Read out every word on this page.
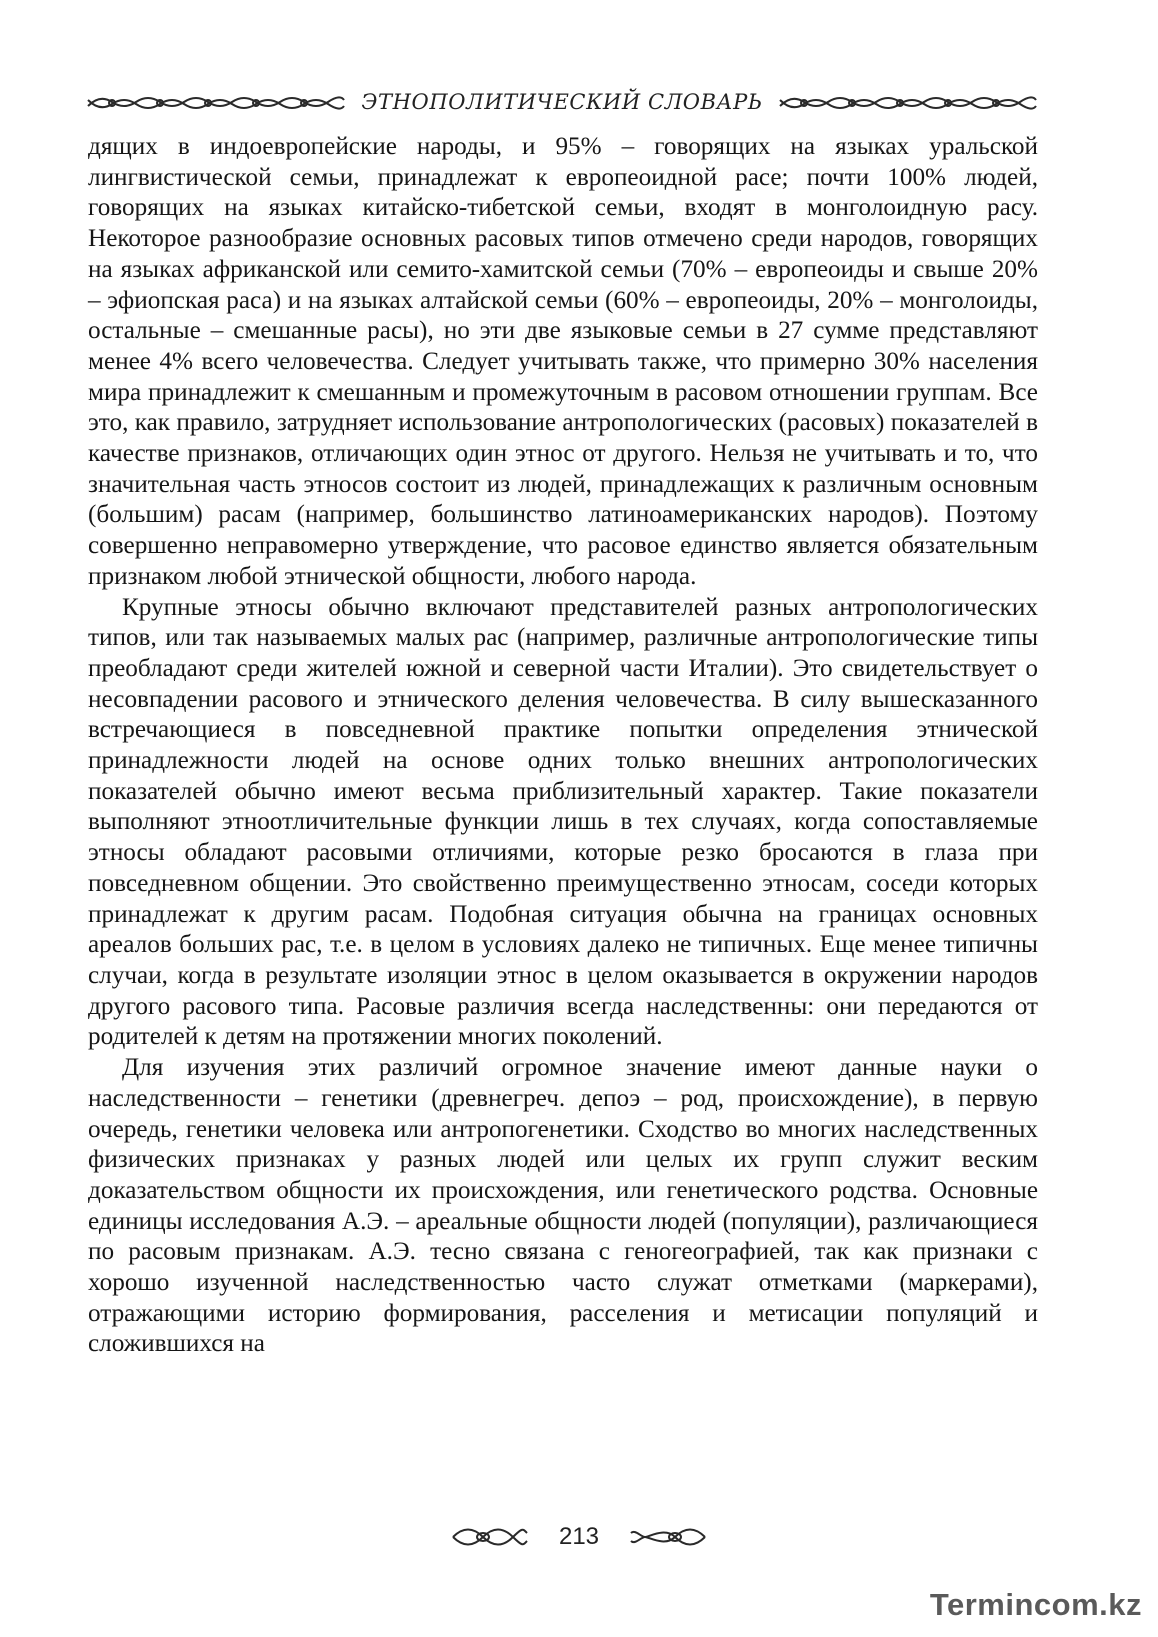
ЭТНОПОЛИТИЧЕСКИЙ СЛОВАРЬ

дящих в индоевропейские народы, и 95% – говорящих на языках уральской лингвистической семьи, принадлежат к европеоидной расе; почти 100% людей, говорящих на языках китайско-тибетской семьи, входят в монголоидную расу. Некоторое разнообразие основных расовых типов отмечено среди народов, говорящих на языках африканской или семито-хамитской семьи (70% – европеоиды и свыше 20% – эфиопская раса) и на языках алтайской семьи (60% – европеоиды, 20% – монголоиды, остальные – смешанные расы), но эти две языковые семьи в 27 сумме представляют менее 4% всего человечества. Следует учитывать также, что примерно 30% населения мира принадлежит к смешанным и промежуточным в расовом отношении группам. Все это, как правило, затрудняет использование антропологических (расовых) показателей в качестве признаков, отличающих один этнос от другого. Нельзя не учитывать и то, что значительная часть этносов состоит из людей, принадлежащих к различным основным (большим) расам (например, большинство латиноамериканских народов). Поэтому совершенно неправомерно утверждение, что расовое единство является обязательным признаком любой этнической общности, любого народа.

Крупные этносы обычно включают представителей разных антропологических типов, или так называемых малых рас (например, различные антропологические типы преобладают среди жителей южной и северной части Италии). Это свидетельствует о несовпадении расового и этнического деления человечества. В силу вышесказанного встречающиеся в повседневной практике попытки определения этнической принадлежности людей на основе одних только внешних антропологических показателей обычно имеют весьма приблизительный характер. Такие показатели выполняют этноотличительные функции лишь в тех случаях, когда сопоставляемые этносы обладают расовыми отличиями, которые резко бросаются в глаза при повседневном общении. Это свойственно преимущественно этносам, соседи которых принадлежат к другим расам. Подобная ситуация обычна на границах основных ареалов больших рас, т.е. в целом в условиях далеко не типичных. Еще менее типичны случаи, когда в результате изоляции этнос в целом оказывается в окружении народов другого расового типа. Расовые различия всегда наследственны: они передаются от родителей к детям на протяжении многих поколений.

Для изучения этих различий огромное значение имеют данные науки о наследственности – генетики (древнегреч. депоэ – род, происхождение), в первую очередь, генетики человека или антропогенетики. Сходство во многих наследственных физических признаках у разных людей или целых их групп служит веским доказательством общности их происхождения, или генетического родства. Основные единицы исследования А.Э. – ареальные общности людей (популяции), различающиеся по расовым признакам. А.Э. тесно связана с геногеографией, так как признаки с хорошо изученной наследственностью часто служат отметками (маркерами), отражающими историю формирования, расселения и метисации популяций и сложившихся на

213
Termincom.kz
